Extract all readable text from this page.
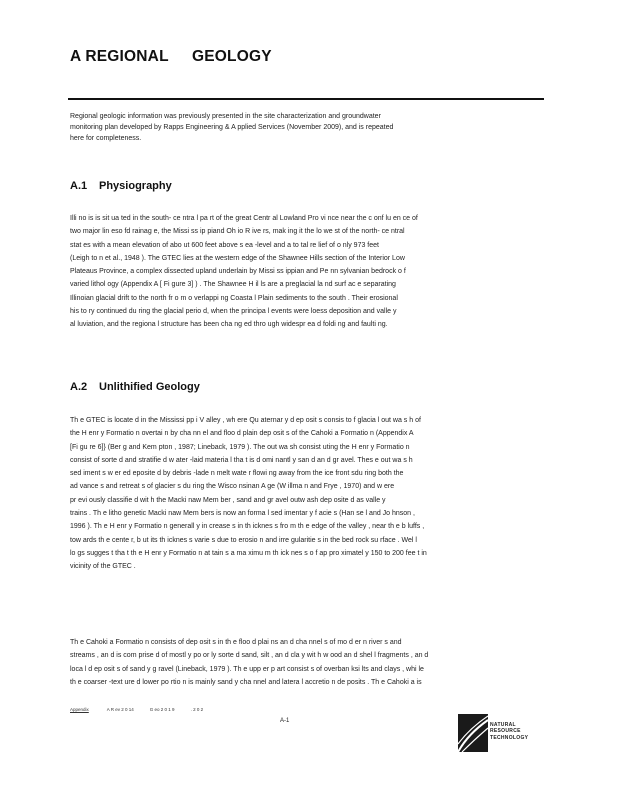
A REGIONAL GEOLOGY
Regional geologic information was previously presented in the site characterization and groundwater
monitoring plan developed by Rapps Engineering & A pplied Services (November 2009), and is repeated
here for completeness.
A.1 Physiography
Illi no is is sit ua ted in the south- ce ntra l pa rt of the great Centr al Lowland Pro vi nce near the c onf lu en ce of
two major lin eso fd rainag e, the Missi ss ip piand Oh io R ive rs, mak ing it the lo we st of the north- ce ntral
stat es with a mean elevation of abo ut 600 feet above s ea -level and a to tal re lief of o nly 973 feet
(Leigh to n et al., 1948 ). The GTEC lies at the western edge of the Shawnee Hills section of the Interior Low
Plateaus Province, a complex dissected upland underlain by Missi ss ippian and Pe nn sylvanian bedrock o f
varied lithol ogy (Appendix A [ Fi gure 3] ) . The Shawnee H il ls are a preglacial la nd surf ac e separating
Illinoian glacial drift to the north fr o m o verlappi ng Coasta l Plain sediments to the south . Their erosional
his to ry continued du ring the glacial perio d, when the principa l events were loess deposition and valle y
al luviation, and the regiona l structure has been cha ng ed thro ugh widespr ea d foldi ng and faulti ng.
A.2 Unlithified Geology
Th e GTEC is locate d in the Mississi pp i V alley , wh ere Qu aternar y d ep osit s consis to f glacia l out wa s h of
the H enr y Formatio n overtai n by cha nn el and floo d plain dep osit s of the Cahoki a Formatio n (Appendix A
[Fi gu re 6]} (Ber g and Kem pton , 1987; Lineback, 1979 ). The out wa sh consist uting the H enr y Formatio n
consist of sorte d and stratifie d w ater -laid materia l tha t is d omi nantl y san d an d gr avel. Thes e out wa s h
sed iment s w er ed eposite d by debris -lade n melt wate r flowi ng away from the ice front sdu ring both the
ad vance s and retreat s of glacier s du ring the Wisco nsinan A ge (W illma n and Frye , 1970) and w ere
pr evi ously classifie d wit h the Macki naw Mem ber , sand and gr avel outw ash dep osite d as valle y
trains . Th e litho genetic Macki naw Mem bers is now an forma l sed imentar y f acie s (Han se l and Jo hnson ,
1996 ). Th e H enr y Formatio n generall y in crease s in th icknes s fro m th e edge of the valley , near th e b luffs ,
tow ards th e cente r, b ut its th icknes s varie s due to erosio n and irre gularitie s in the bed rock su rface . Wel l
lo gs sugges t tha t th e H enr y Formatio n at tain s a ma ximu m th ick nes s o f ap pro ximatel y 150 to 200 fee t in
vicinity of the GTEC .
Th e Cahoki a Formatio n consists of dep osit s in th e floo d plai ns an d cha nnel s of mo d er n river s and
streams , an d is com prise d of mostl y po or ly sorte d sand, silt , an d cla y wit h w ood an d shel l fragments , an d
loca l d ep osit s of sand y g ravel (Lineback, 1979 ). Th e upp er p art consist s of overban ksi lts and clays , whi le
th e coarser -text ure d lower po rtio n is mainly sand y cha nnel and latera l accretio n de posits . Th e Cahoki a is
Appendix	A R ev 2 0 14	G eo 2 0 1 9	. 2 0 2
A-1
NATURAL
RESOURCE
TECHNOLOGY
